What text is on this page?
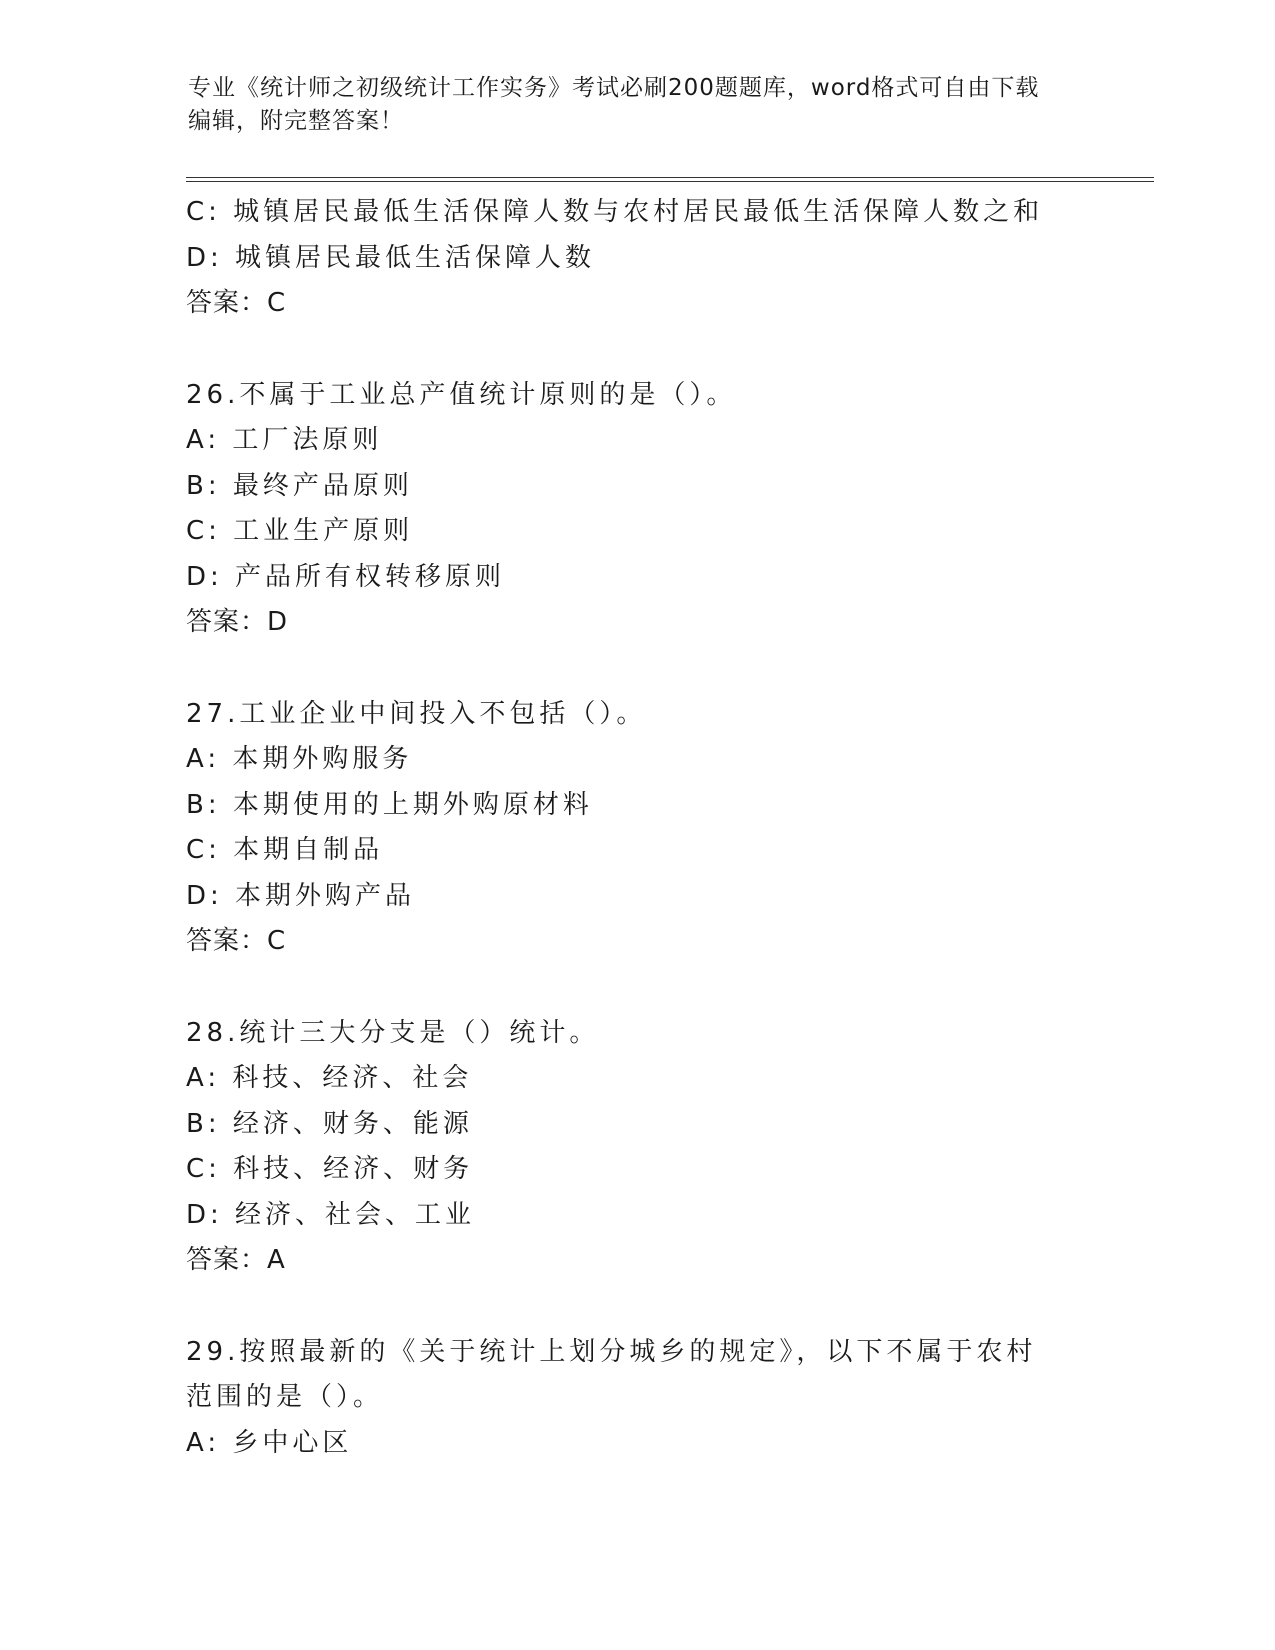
专业《统计师之初级统计工作实务》考试必刷200题题库，word格式可自由下载
编辑，附完整答案！
C: 城镇居民最低生活保障人数与农村居民最低生活保障人数之和
D: 城镇居民最低生活保障人数
答案：C
26.不属于工业总产值统计原则的是（）。
A: 工厂法原则
B: 最终产品原则
C: 工业生产原则
D: 产品所有权转移原则
答案：D
27.工业企业中间投入不包括（）。
A: 本期外购服务
B: 本期使用的上期外购原材料
C: 本期自制品
D: 本期外购产品
答案：C
28.统计三大分支是（）统计。
A: 科技、经济、社会
B: 经济、财务、能源
C: 科技、经济、财务
D: 经济、社会、工业
答案：A
29.按照最新的《关于统计上划分城乡的规定》，以下不属于农村范围的是（）。
A: 乡中心区
